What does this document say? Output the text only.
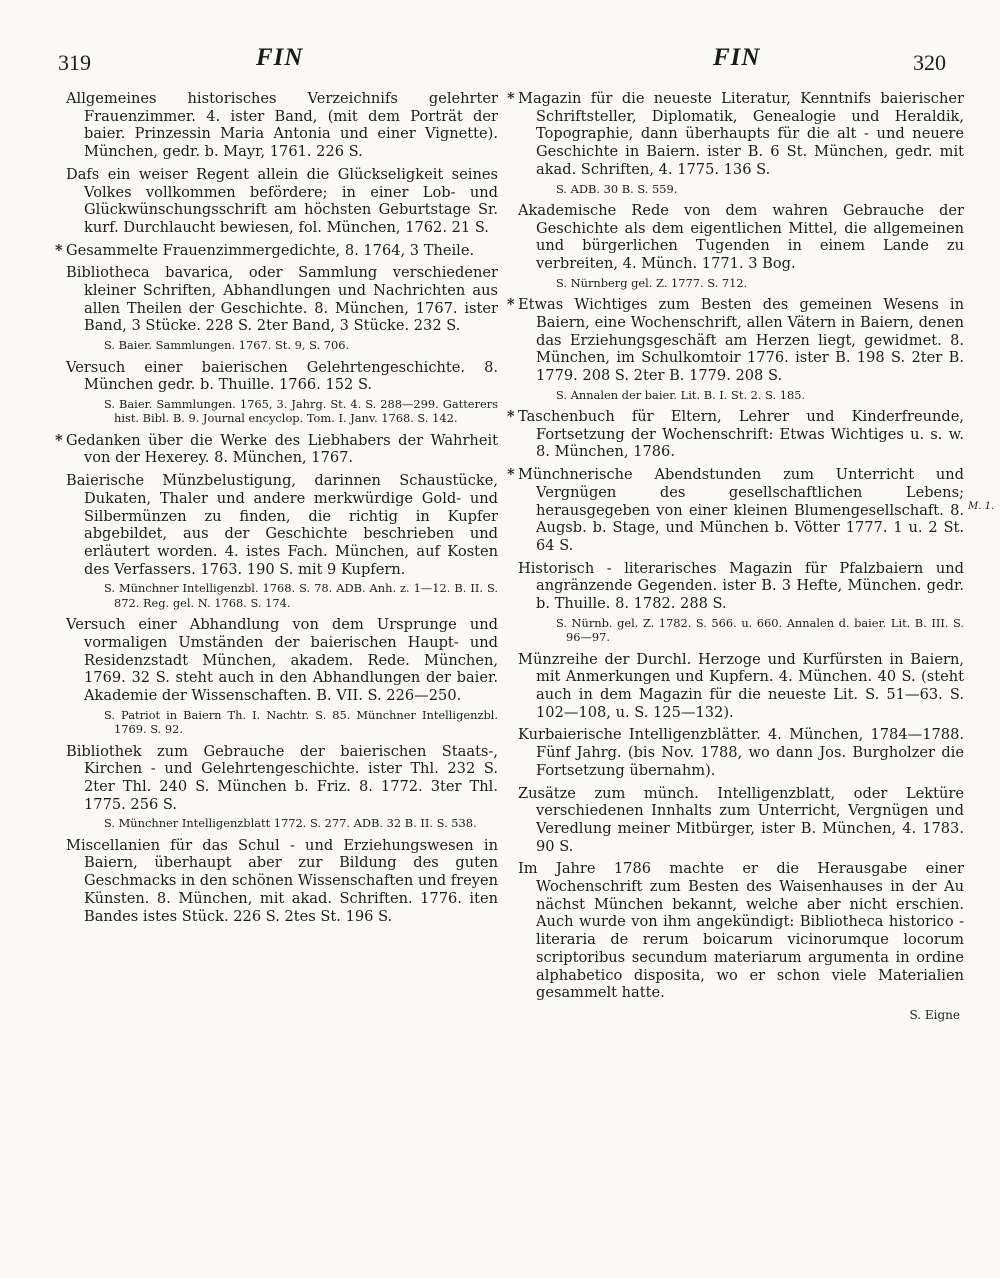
319	FIN	FIN	320
Allgemeines historisches Verzeichnifs gelehrter Frauenzimmer. 4. ister Band, (mit dem Porträt der baier. Prinzessin Maria Antonia und einer Vignette). München, gedr. b. Mayr, 1761. 226 S.
Dafs ein weiser Regent allein die Glückseligkeit seines Volkes vollkommen befördere; in einer Lob- und Glückwünschungsschrift am höchsten Geburtstage Sr. kurf. Durchlaucht bewiesen, fol. München, 1762. 21 S.
* Gesammelte Frauenzimmergedichte, 8. 1764, 3 Theile.
Bibliotheca bavarica, oder Sammlung verschiedener kleiner Schriften, Abhandlungen und Nachrichten aus allen Theilen der Geschichte. 8. München, 1767. ister Band, 3 Stücke. 228 S. 2ter Band, 3 Stücke. 232 S.
S. Baier. Sammlungen. 1767. St. 9, S. 706.
Versuch einer baierischen Gelehrtengeschichte. 8. München gedr. b. Thuille. 1766. 152 S.
S. Baier. Sammlungen. 1765, 3. Jahrg. St. 4. S. 288—299. Gatterers hist. Bibl. B. 9. Journal encyclop. Tom. I. Janv. 1768. S. 142.
* Gedanken über die Werke des Liebhabers der Wahrheit von der Hexerey. 8. München, 1767.
Baierische Münzbelustigung, darinnen Schaustücke, Dukaten, Thaler und andere merkwürdige Gold- und Silbermünzen zu finden, die richtig in Kupfer abgebildet, aus der Geschichte beschrieben und erläutert worden. 4. istes Fach. München, auf Kosten des Verfassers. 1763. 190 S. mit 9 Kupfern.
S. Münchner Intelligenzbl. 1768. S. 78. ADB. Anh. z. 1—12. B. II. S. 872. Reg. gel. N. 1768. S. 174.
Versuch einer Abhandlung von dem Ursprunge und vormaligen Umständen der baierischen Haupt- und Residenzstadt München, akadem. Rede. München, 1769. 32 S. steht auch in den Abhandlungen der baier. Akademie der Wissenschaften. B. VII. S. 226—250.
S. Patriot in Baiern Th. I. Nachtr. S. 85. Münchner Intelligenzbl. 1769. S. 92.
Bibliothek zum Gebrauche der baierischen Staats-, Kirchen - und Gelehrtengeschichte. ister Thl. 232 S. 2ter Thl. 240 S. München b. Friz. 8. 1772. 3ter Thl. 1775. 256 S.
S. Münchner Intelligenzblatt 1772. S. 277. ADB. 32 B. II. S. 538.
Miscellanien für das Schul - und Erziehungswesen in Baiern, überhaupt aber zur Bildung des guten Geschmacks in den schönen Wissenschaften und freyen Künsten. 8. München, mit akad. Schriften. 1776. iten Bandes istes Stück. 226 S. 2tes St. 196 S.
* Magazin für die neueste Literatur, Kenntnifs baierischer Schriftsteller, Diplomatik, Genealogie und Heraldik, Topographie, dann überhaupts für die alt - und neuere Geschichte in Baiern. ister B. 6 St. München, gedr. mit akad. Schriften, 4. 1775. 136 S.
S. ADB. 30 B. S. 559.
Akademische Rede von dem wahren Gebrauche der Geschichte als dem eigentlichen Mittel, die allgemeinen und bürgerlichen Tugenden in einem Lande zu verbreiten, 4. Münch. 1771. 3 Bog.
S. Nürnberg gel. Z. 1777. S. 712.
* Etwas Wichtiges zum Besten des gemeinen Wesens in Baiern, eine Wochenschrift, allen Vätern in Baiern, denen das Erziehungsgeschäft am Herzen liegt, gewidmet. 8. München, im Schulkomtoir 1776. ister B. 198 S. 2ter B. 1779. 208 S. 2ter B. 1779. 208 S.
S. Annalen der baier. Lit. B. I. St. 2. S. 185.
* Taschenbuch für Eltern, Lehrer und Kinderfreunde, Fortsetzung der Wochenschrift: Etwas Wichtiges u. s. w. 8. München, 1786.
* Münchnerische Abendstunden zum Unterricht und Vergnügen des gesellschaftlichen Lebens; herausgegeben von einer kleinen Blumengesellschaft. 8. Augsb. b. Stage, und München b. Vötter 1777. 1 u. 2 St. 64 S.
Historisch - literarisches Magazin für Pfalzbaiern und angränzende Gegenden. ister B. 3 Hefte, München. gedr. b. Thuille. 8. 1782. 288 S.
S. Nürnb. gel. Z. 1782. S. 566. u. 660. Annalen d. baier. Lit. B. III. S. 96—97.
Münzreihe der Durchl. Herzoge und Kurfürsten in Baiern, mit Anmerkungen und Kupfern. 4. München. 40 S. (steht auch in dem Magazin für die neueste Lit. S. 51—63. S. 102—108, u. S. 125—132).
Kurbaierische Intelligenzblätter. 4. München, 1784—1788. Fünf Jahrg. (bis Nov. 1788, wo dann Jos. Burgholzer die Fortsetzung übernahm).
Zusätze zum münch. Intelligenzblatt, oder Lektüre verschiedenen Innhalts zum Unterricht, Vergnügen und Veredlung meiner Mitbürger, ister B. München, 4. 1783. 90 S.
Im Jahre 1786 machte er die Herausgabe einer Wochenschrift zum Besten des Waisenhauses in der Au nächst München bekannt, welche aber nicht erschien. Auch wurde von ihm angekündigt: Bibliotheca historico - literaria de rerum boicarum vicinorumque locorum scriptoribus secundum materiarum argumenta in ordine alphabetico disposita, wo er schon viele Materialien gesammelt hatte.
S. Eigne
M. 1.
